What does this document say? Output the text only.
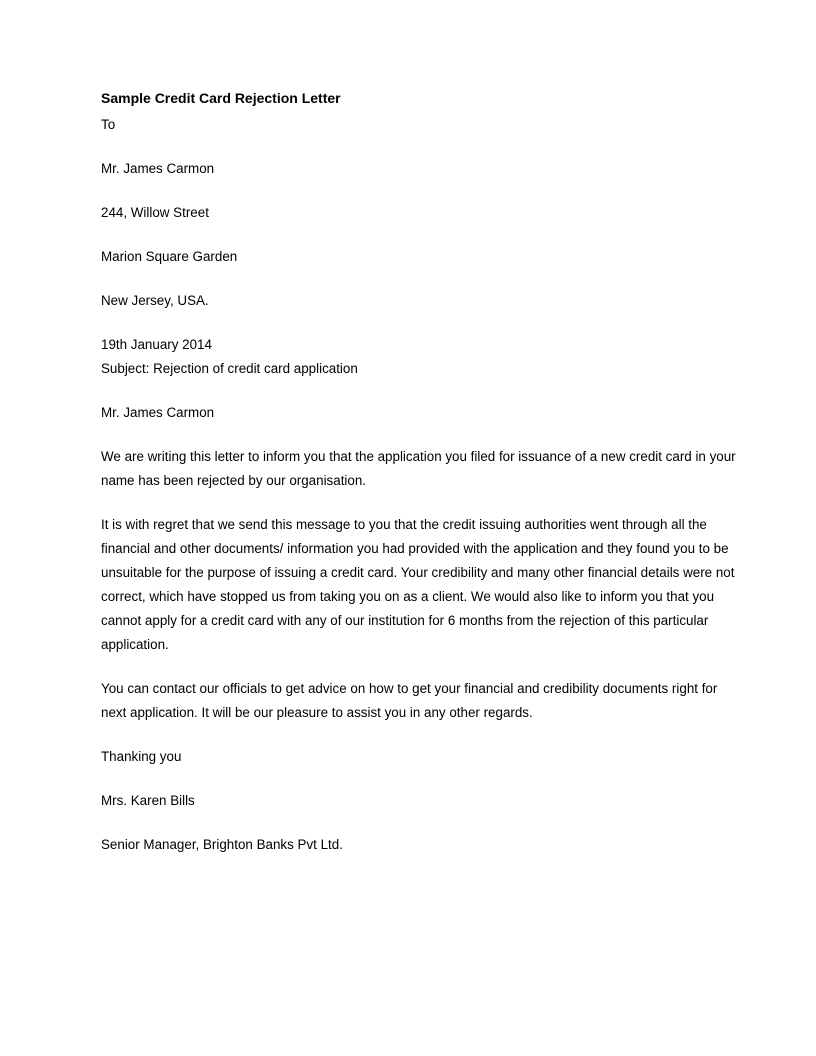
Sample Credit Card Rejection Letter

To

Mr. James Carmon

244, Willow Street

Marion Square Garden

New Jersey, USA.

19th January 2014

Subject: Rejection of credit card application

Mr. James Carmon

We are writing this letter to inform you that the application you filed for issuance of a new credit card in your name has been rejected by our organisation.

It is with regret that we send this message to you that the credit issuing authorities went through all the financial and other documents/ information you had provided with the application and they found you to be unsuitable for the purpose of issuing a credit card. Your credibility and many other financial details were not correct, which have stopped us from taking you on as a client. We would also like to inform you that you cannot apply for a credit card with any of our institution for 6 months from the rejection of this particular application.

You can contact our officials to get advice on how to get your financial and credibility documents right for next application. It will be our pleasure to assist you in any other regards.

Thanking you

Mrs. Karen Bills

Senior Manager, Brighton Banks Pvt Ltd.
